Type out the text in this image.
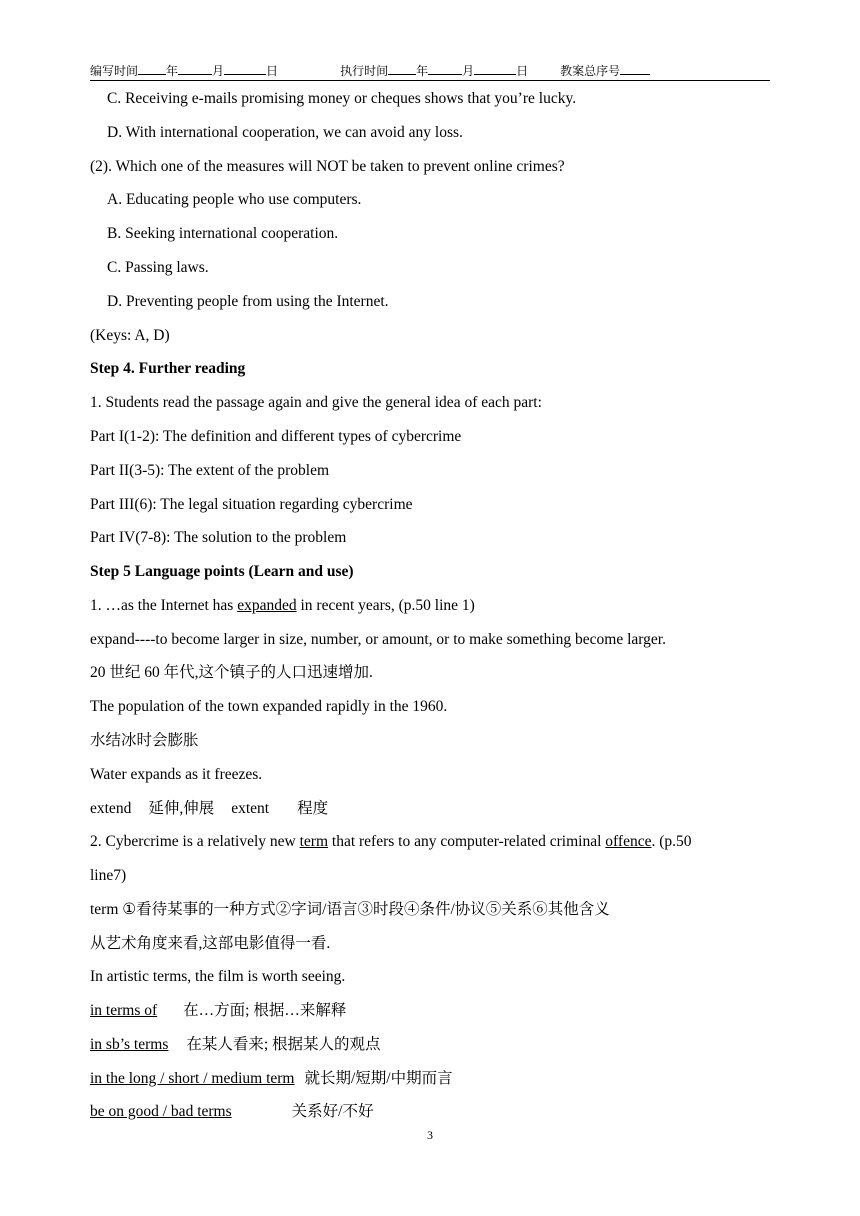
编写时间 年	月	日	执行时间 年	月	日	教案总序号
C. Receiving e-mails promising money or cheques shows that you’re lucky.
D. With international cooperation, we can avoid any loss.
(2). Which one of the measures will NOT be taken to prevent online crimes?
A. Educating people who use computers.
B. Seeking international cooperation.
C. Passing laws.
D. Preventing people from using the Internet.
(Keys: A, D)
Step 4. Further reading
1. Students read the passage again and give the general idea of each part:
Part I(1-2): The definition and different types of cybercrime
Part II(3-5): The extent of the problem
Part III(6): The legal situation regarding cybercrime
Part IV(7-8): The solution to the problem
Step 5 Language points (Learn and use)
1. …as the Internet has expanded in recent years, (p.50 line 1)
expand----to become larger in size, number, or amount, or to make something become larger.
20 世纪 60 年代,这个镇子的人口迅速增加.
The population of the town expanded rapidly in the 1960.
水结冰时会膨胀
Water expands as it freezes.
extend 延伸,伸展 extent 程度
2. Cybercrime is a relatively new term that refers to any computer-related criminal offence. (p.50
line7)
term ①看待某事的一种方式②字词/语言③时段④条件/协议⑤关系⑥其他含义
从艺术角度来看,这部电影值得一看.
In artistic terms, the film is worth seeing.
in terms of 在…方面; 根据…来解释
in sb’s terms 在某人看来; 根据某人的观点
in the long / short / medium term 就长期/短期/中期而言
be on good / bad terms	关系好/不好
3
